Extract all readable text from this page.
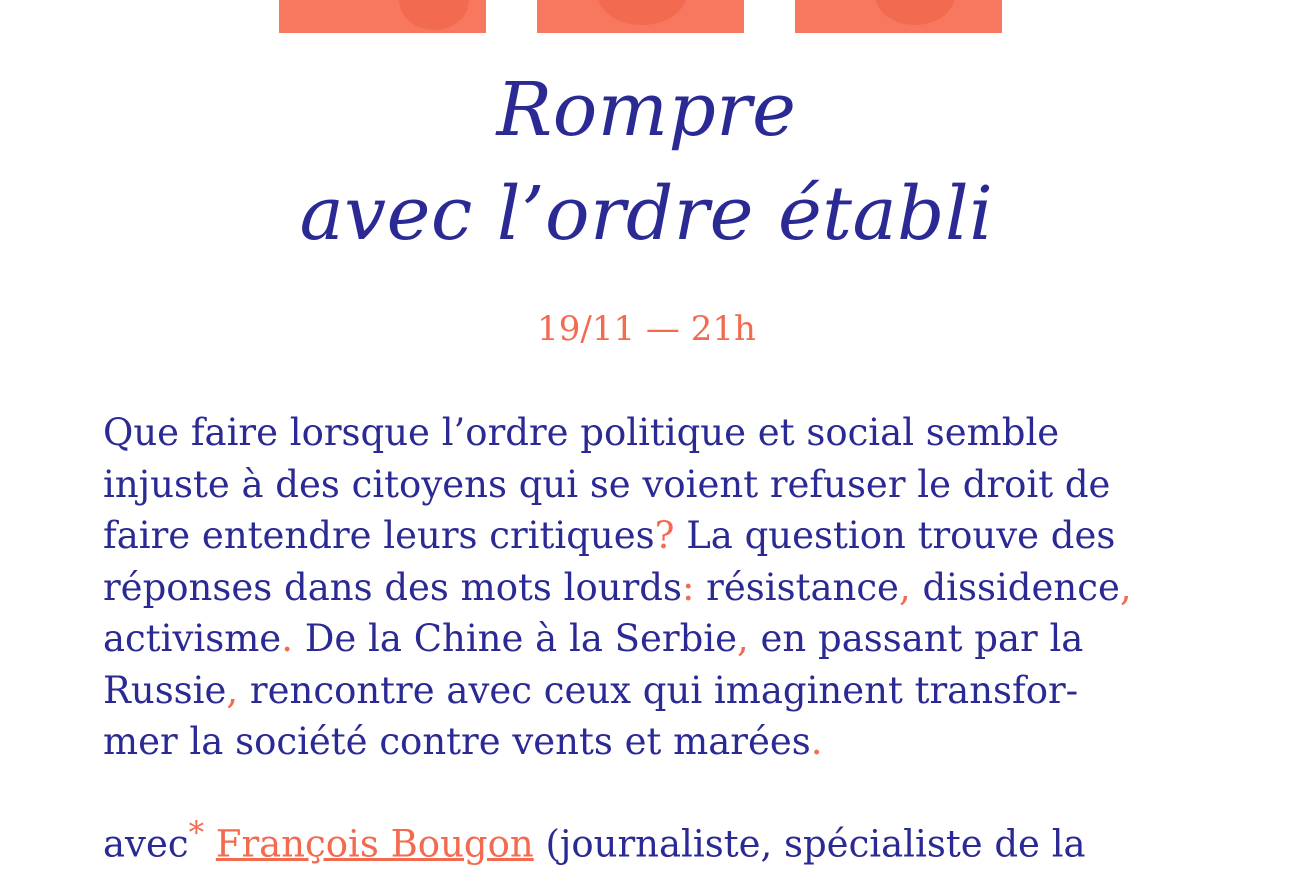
Rompre
avec l’ordre établi
19/11 — 21h

Que faire lorsque l’ordre politique et social semble
injuste à des citoyens qui se voient refuser le droit de
faire entendre leurs critiques? La question trouve des
réponses dans des mots lourds: résistance, dissidence,
activisme. De la Chine à la Serbie, en passant par la
Russie, rencontre avec ceux qui imaginent transfor-
mer la société contre vents et marées.

avec* François Bougon (journaliste, spécialiste de la
